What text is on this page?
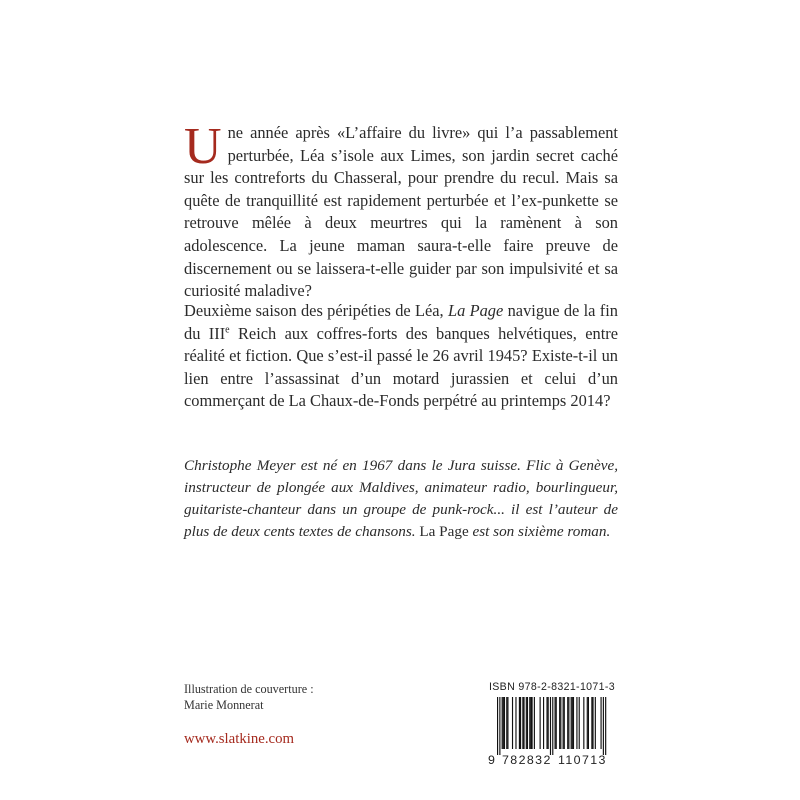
Une année après «L’affaire du livre» qui l’a passablement perturbée, Léa s’isole aux Limes, son jardin secret caché sur les contreforts du Chasseral, pour prendre du recul. Mais sa quête de tranquillité est rapidement perturbée et l’ex-punkette se retrouve mêlée à deux meurtres qui la ramènent à son adolescence. La jeune maman saura-t-elle faire preuve de discernement ou se laissera-t-elle guider par son impulsivité et sa curiosité maladive?
Deuxième saison des péripéties de Léa, La Page navigue de la fin du IIIe Reich aux coffres-forts des banques helvétiques, entre réalité et fiction. Que s’est-il passé le 26 avril 1945? Existe-t-il un lien entre l’assassinat d’un motard jurassien et celui d’un commerçant de La Chaux-de-Fonds perpétré au printemps 2014?
Christophe Meyer est né en 1967 dans le Jura suisse. Flic à Genève, instructeur de plongée aux Maldives, animateur radio, bourlingueur, guitariste-chanteur dans un groupe de punk-rock... il est l’auteur de plus de deux cents textes de chansons. La Page est son sixième roman.
Illustration de couverture :
Marie Monnerat
www.slatkine.com
ISBN 978-2-8321-1071-3
9 782832 110713
